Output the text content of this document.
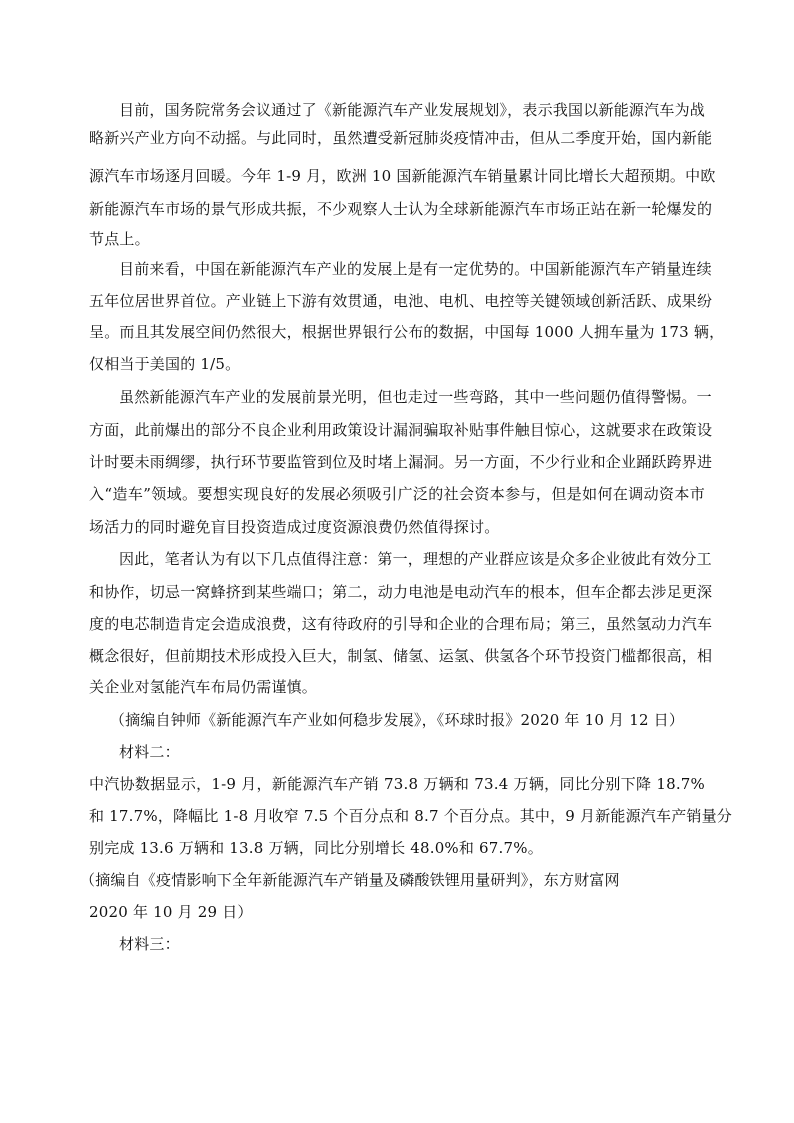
目前，国务院常务会议通过了《新能源汽车产业发展规划》，表示我国以新能源汽车为战
略新兴产业方向不动摇。与此同时，虽然遭受新冠肺炎疫情冲击，但从二季度开始，国内新能
源汽车市场逐月回暖。今年 1-9 月，欧洲 10 国新能源汽车销量累计同比增长大超预期。中欧
新能源汽车市场的景气形成共振，不少观察人士认为全球新能源汽车市场正站在新一轮爆发的
节点上。
目前来看，中国在新能源汽车产业的发展上是有一定优势的。中国新能源汽车产销量连续
五年位居世界首位。产业链上下游有效贯通，电池、电机、电控等关键领域创新活跃、成果纷
呈。而且其发展空间仍然很大，根据世界银行公布的数据，中国每 1000 人拥车量为 173 辆，
仅相当于美国的 1/5。
虽然新能源汽车产业的发展前景光明，但也走过一些弯路，其中一些问题仍值得警惕。一
方面，此前爆出的部分不良企业利用政策设计漏洞骗取补贴事件触目惊心，这就要求在政策设
计时要未雨绸缪，执行环节要监管到位及时堵上漏洞。另一方面，不少行业和企业踊跃跨界进
入“造车”领域。要想实现良好的发展必须吸引广泛的社会资本参与，但是如何在调动资本市
场活力的同时避免盲目投资造成过度资源浪费仍然值得探讨。
因此，笔者认为有以下几点值得注意：第一，理想的产业群应该是众多企业彼此有效分工
和协作，切忌一窝蜂挤到某些端口；第二，动力电池是电动汽车的根本，但车企都去涉足更深
度的电芯制造肯定会造成浪费，这有待政府的引导和企业的合理布局；第三，虽然氢动力汽车
概念很好，但前期技术形成投入巨大，制氢、储氢、运氢、供氢各个环节投资门槛都很高，相
关企业对氢能汽车布局仍需谨慎。
（摘编自钟师《新能源汽车产业如何稳步发展》，《环球时报》2020 年 10 月 12 日）
材料二：
中汽协数据显示，1-9 月，新能源汽车产销 73.8 万辆和 73.4 万辆，同比分别下降 18.7%
和 17.7%，降幅比 1-8 月收窄 7.5 个百分点和 8.7 个百分点。其中，9 月新能源汽车产销量分
别完成 13.6 万辆和 13.8 万辆，同比分别增长 48.0%和 67.7%。
（摘编自《疫情影响下全年新能源汽车产销量及磷酸铁锂用量研判》，东方财富网
2020 年 10 月 29 日）
材料三：
